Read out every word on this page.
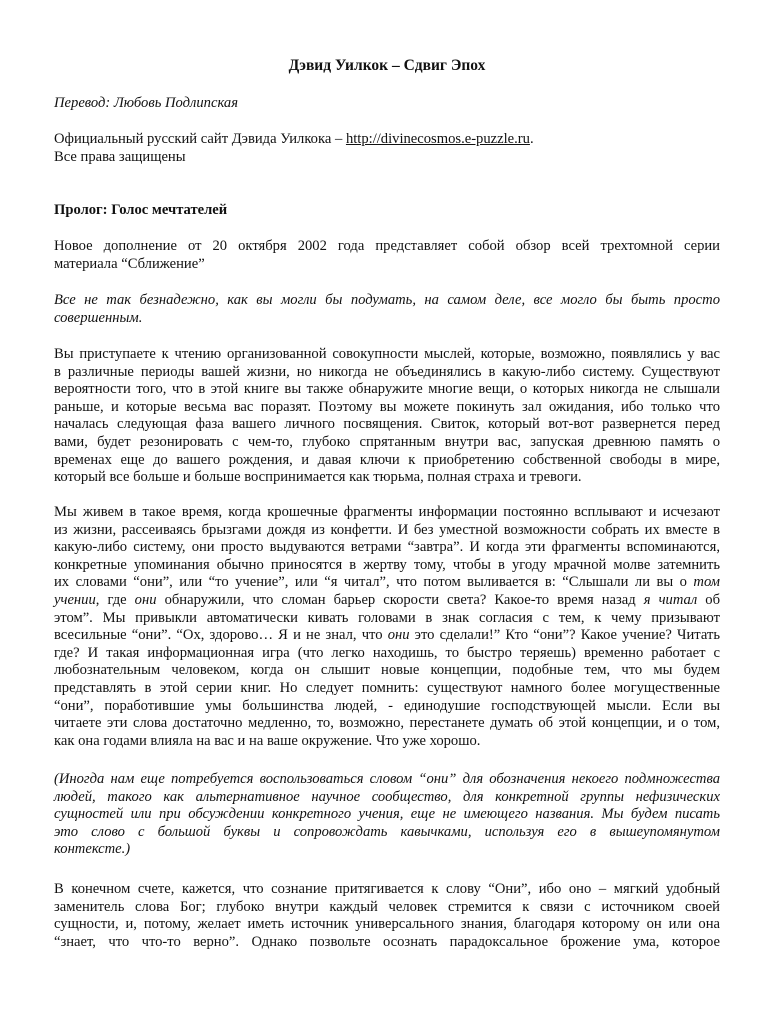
Дэвид Уилкок – Сдвиг Эпох

Перевод: Любовь Подлипская

Официальный русский сайт Дэвида Уилкока – http://divinecosmos.e-puzzle.ru.
Все права защищены

Пролог: Голос мечтателей

Новое дополнение от 20 октября 2002 года представляет собой обзор всей трехтомной серии
материала “Сближение”
Все не так безнадежно, как вы могли бы подумать, на самом деле, все могло бы быть просто
совершенным.
Вы приступаете к чтению организованной совокупности мыслей, которые, возможно, появлялись у вас
в различные периоды вашей жизни, но никогда не объединялись в какую-либо систему. Существуют
вероятности того, что в этой книге вы также обнаружите многие вещи, о которых никогда не слышали
раньше, и которые весьма вас поразят. Поэтому вы можете покинуть зал ожидания, ибо только что
началась следующая фаза вашего личного посвящения. Свиток, который вот-вот развернется перед
вами, будет резонировать с чем-то, глубоко спрятанным внутри вас, запуская древнюю память о
временах еще до вашего рождения, и давая ключи к приобретению собственной свободы в мире,
который все больше и больше воспринимается как тюрьма, полная страха и тревоги.
Мы живем в такое время, когда крошечные фрагменты информации постоянно всплывают и исчезают
из жизни, рассеиваясь брызгами дождя из конфетти. И без уместной возможности собрать их вместе в
какую-либо систему, они просто выдуваются ветрами “завтра”. И когда эти фрагменты вспоминаются,
конкретные упоминания обычно приносятся в жертву тому, чтобы в угоду мрачной молве затемнить
их словами “они”, или “то учение”, или “я читал”, что потом выливается в: “Слышали ли вы о том
учении, где они обнаружили, что сломан барьер скорости света? Какое-то время назад я читал об
этом”. Мы привыкли автоматически кивать головами в знак согласия с тем, к чему призывают
всесильные “они”. “Ох, здорово… Я и не знал, что они это сделали!” Кто “они”? Какое учение? Читать
где? И такая информационная игра (что легко находишь, то быстро теряешь) временно работает с
любознательным человеком, когда он слышит новые концепции, подобные тем, что мы будем
представлять в этой серии книг. Но следует помнить: существуют намного более могущественные
“они”, поработившие умы большинства людей, - единодушие господствующей мысли. Если вы
читаете эти слова достаточно медленно, то, возможно, перестанете думать об этой концепции, и о том,
как она годами влияла на вас и на ваше окружение. Что уже хорошо.
(Иногда нам еще потребуется воспользоваться словом “они” для обозначения некоего подмножества
людей, такого как альтернативное научное сообщество, для конкретной группы нефизических
сущностей или при обсуждении конкретного учения, еще не имеющего названия. Мы будем писать
это слово с большой буквы и сопровождать кавычками, используя его в вышеупомянутом
контексте.)
В конечном счете, кажется, что сознание притягивается к слову “Они”, ибо оно – мягкий удобный
заменитель слова Бог; глубоко внутри каждый человек стремится к связи с источником своей
сущности, и, потому, желает иметь источник универсального знания, благодаря которому он или она
“знает, что что-то верно”. Однако позвольте осознать парадоксальное брожение ума, которое
